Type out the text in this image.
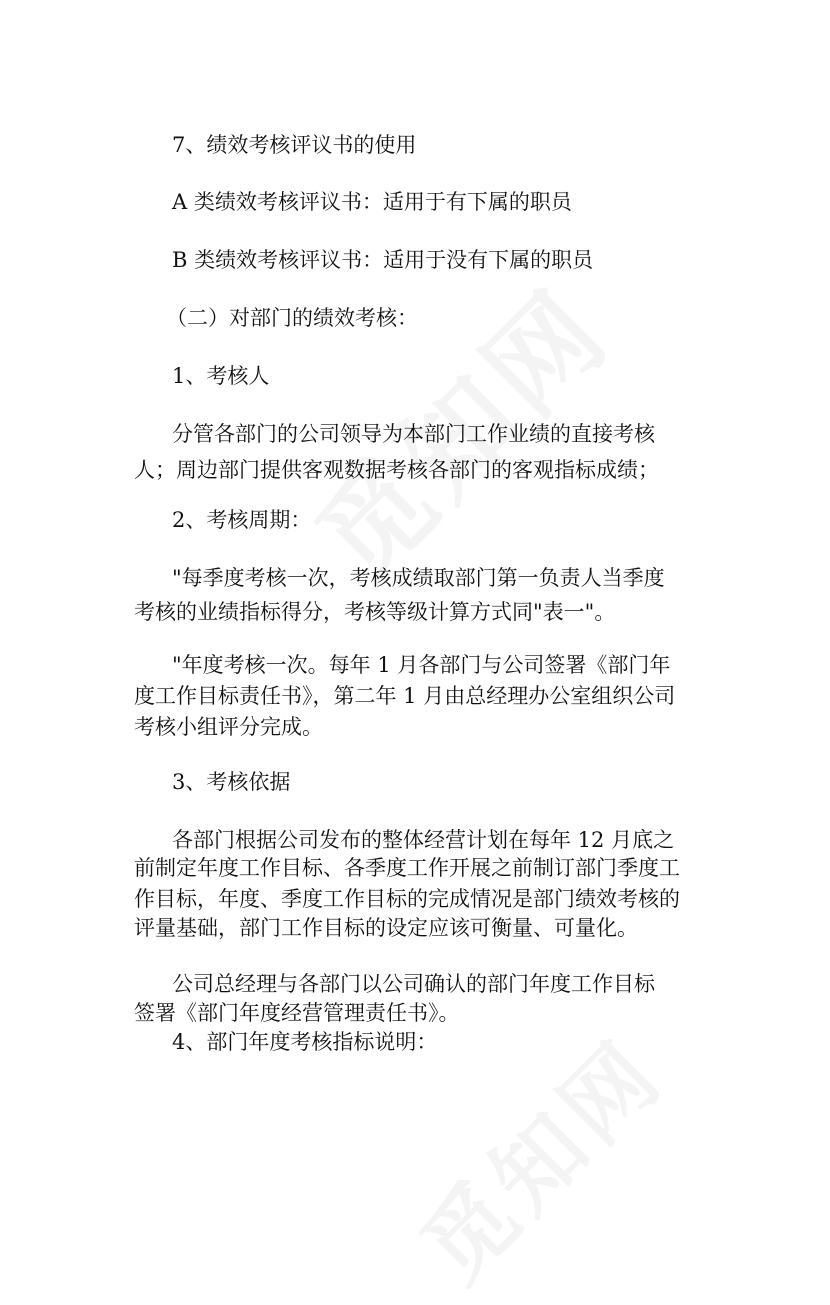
7、绩效考核评议书的使用
A 类绩效考核评议书：适用于有下属的职员
B 类绩效考核评议书：适用于没有下属的职员
（二）对部门的绩效考核：
1、考核人
分管各部门的公司领导为本部门工作业绩的直接考核
人；周边部门提供客观数据考核各部门的客观指标成绩；
2、考核周期：
"每季度考核一次，考核成绩取部门第一负责人当季度
考核的业绩指标得分，考核等级计算方式同"表一"。
"年度考核一次。每年 1 月各部门与公司签署《部门年
度工作目标责任书》，第二年 1 月由总经理办公室组织公司
考核小组评分完成。
3、考核依据
各部门根据公司发布的整体经营计划在每年 12 月底之
前制定年度工作目标、各季度工作开展之前制订部门季度工
作目标，年度、季度工作目标的完成情况是部门绩效考核的
评量基础，部门工作目标的设定应该可衡量、可量化。
公司总经理与各部门以公司确认的部门年度工作目标
签署《部门年度经营管理责任书》。
4、部门年度考核指标说明：
